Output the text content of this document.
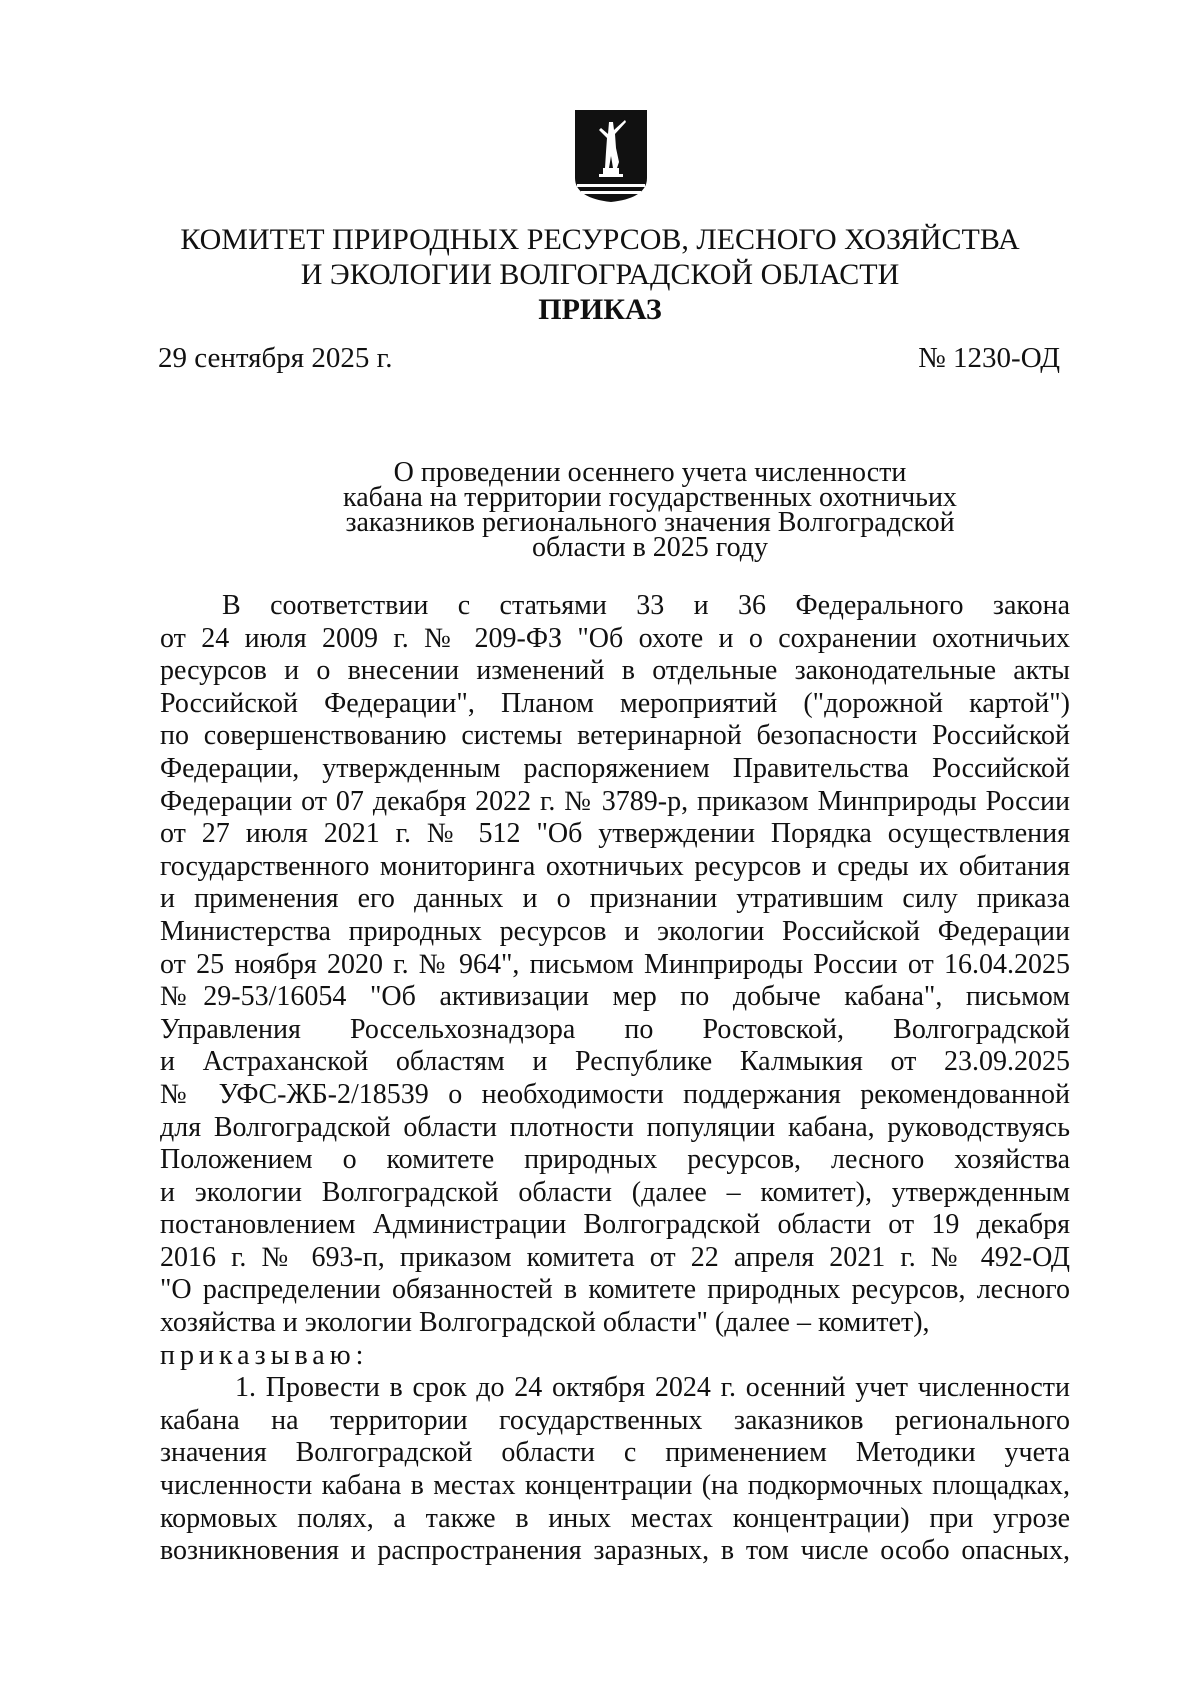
КОМИТЕТ ПРИРОДНЫХ РЕСУРСОВ, ЛЕСНОГО ХОЗЯЙСТВА
И ЭКОЛОГИИ ВОЛГОГРАДСКОЙ ОБЛАСТИ
ПРИКАЗ
29 сентября 2025 г.	№ 1230-ОД
О проведении осеннего учета численности
кабана на территории государственных охотничьих
заказников регионального значения Волгоградской
области в 2025 году
В соответствии с статьями 33 и 36 Федерального закона
от 24 июля 2009 г. № 209-ФЗ "Об охоте и о сохранении охотничьих
ресурсов и о внесении изменений в отдельные законодательные акты
Российской Федерации", Планом мероприятий ("дорожной картой")
по совершенствованию системы ветеринарной безопасности Российской
Федерации, утвержденным распоряжением Правительства Российской
Федерации от 07 декабря 2022 г. № 3789-р, приказом Минприроды России
от 27 июля 2021 г. № 512 "Об утверждении Порядка осуществления
государственного мониторинга охотничьих ресурсов и среды их обитания
и применения его данных и о признании утратившим силу приказа
Министерства природных ресурсов и экологии Российской Федерации
от 25 ноября 2020 г. № 964", письмом Минприроды России от 16.04.2025
№29-53/16054 "Об активизации мер по добыче кабана", письмом
Управления Россельхознадзора по Ростовской, Волгоградской
и Астраханской областям и Республике Калмыкия от 23.09.2025
№ УФС-ЖБ-2/18539 о необходимости поддержания рекомендованной
для Волгоградской области плотности популяции кабана, руководствуясь
Положением о комитете природных ресурсов, лесного хозяйства
и экологии Волгоградской области (далее – комитет), утвержденным
постановлением Администрации Волгоградской области от 19 декабря
2016 г. № 693-п, приказом комитета от 22 апреля 2021 г. № 492-ОД
"О распределении обязанностей в комитете природных ресурсов, лесного
хозяйства и экологии Волгоградской области" (далее – комитет),
приказываю:
1. Провести в срок до 24 октября 2024 г. осенний учет численности
кабана на территории государственных заказников регионального
значения Волгоградской области с применением Методики учета
численности кабана в местах концентрации (на подкормочных площадках,
кормовых полях, а также в иных местах концентрации) при угрозе
возникновения и распространения заразных, в том числе особо опасных,
